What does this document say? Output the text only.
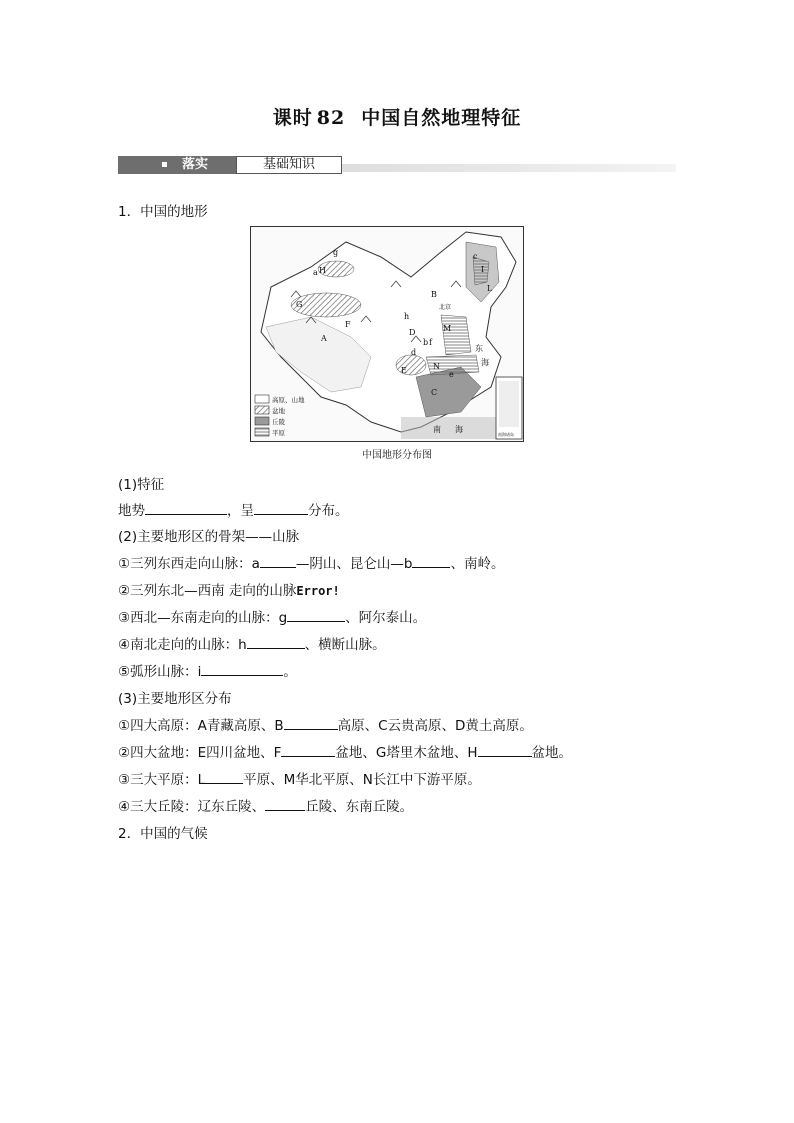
课时 82 中国自然地理特征
落实	基础知识
1．中国的地形
a
b
c
d
e
f
g
h
A
B
C
D
E
F
G
H	I
L
M
N
东
海
南 海
北京
南海诸岛
高原、山地
盆地
丘陵
平原
中国地形分布图
(1)特征
地势	，呈	分布。
(2)主要地形区的骨架——山脉
①三列东西走向山脉：a	—阴山、昆仑山—b	、南岭。
②三列东北—西南 走向的山脉Error!
③西北—东南走向的山脉：g	、阿尔泰山。
④南北走向的山脉：h	、横断山脉。
⑤弧形山脉：i	。
(3)主要地形区分布
①四大高原：A青藏高原、B	高原、C云贵高原、D黄土高原。
②四大盆地：E四川盆地、F	盆地、G塔里木盆地、H	盆地。
③三大平原：L	平原、M华北平原、N长江中下游平原。
④三大丘陵：辽东丘陵、	丘陵、东南丘陵。
2．中国的气候
